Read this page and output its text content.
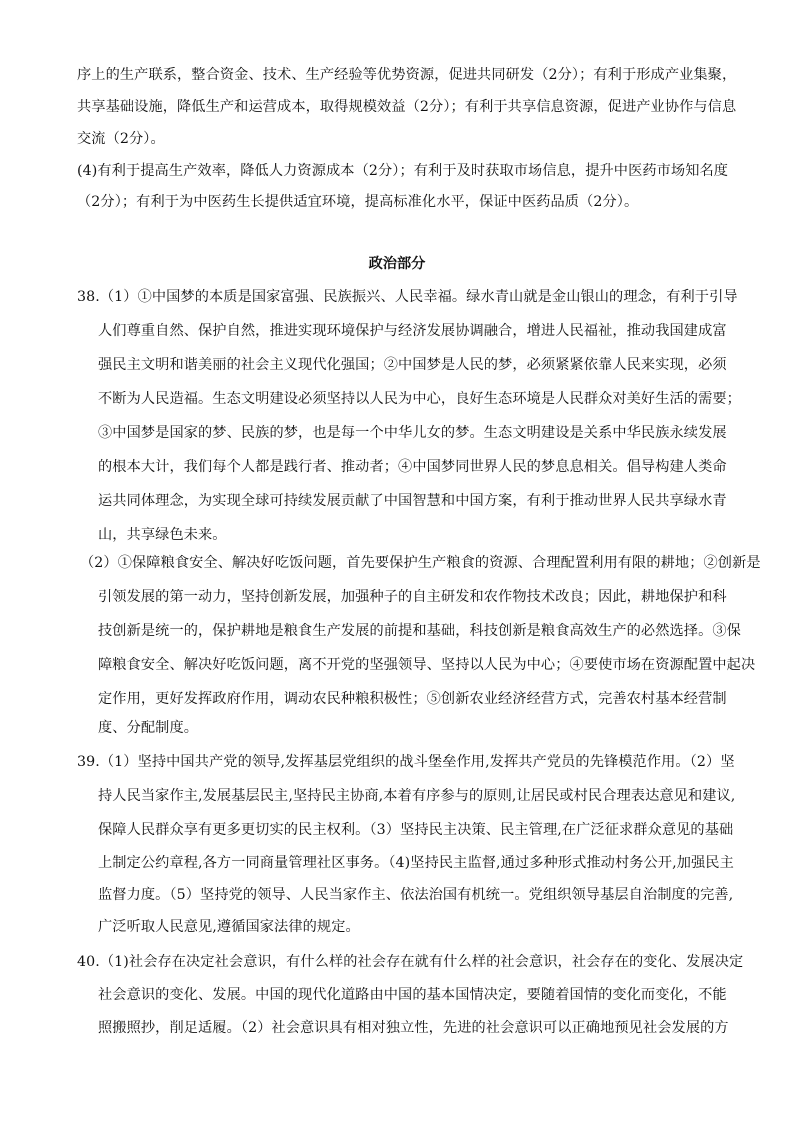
序上的生产联系，整合资金、技术、生产经验等优势资源，促进共同研发（2分）；有利于形成产业集聚，
共享基础设施，降低生产和运营成本，取得规模效益（2分）；有利于共享信息资源，促进产业协作与信息
交流（2分）。
(4)有利于提高生产效率，降低人力资源成本（2分）；有利于及时获取市场信息，提升中医药市场知名度
（2分）；有利于为中医药生长提供适宜环境，提高标准化水平，保证中医药品质（2分）。
政治部分
38.（1）①中国梦的本质是国家富强、民族振兴、人民幸福。绿水青山就是金山银山的理念，有利于引导
人们尊重自然、保护自然，推进实现环境保护与经济发展协调融合，增进人民福祉，推动我国建成富
强民主文明和谐美丽的社会主义现代化强国；②中国梦是人民的梦，必须紧紧依靠人民来实现，必须
不断为人民造福。生态文明建设必须坚持以人民为中心，良好生态环境是人民群众对美好生活的需要；
③中国梦是国家的梦、民族的梦，也是每一个中华儿女的梦。生态文明建设是关系中华民族永续发展
的根本大计，我们每个人都是践行者、推动者；④中国梦同世界人民的梦息息相关。倡导构建人类命
运共同体理念，为实现全球可持续发展贡献了中国智慧和中国方案，有利于推动世界人民共享绿水青
山，共享绿色未来。
（2）①保障粮食安全、解决好吃饭问题，首先要保护生产粮食的资源、合理配置利用有限的耕地；②创新是
引领发展的第一动力，坚持创新发展，加强种子的自主研发和农作物技术改良；因此，耕地保护和科
技创新是统一的，保护耕地是粮食生产发展的前提和基础，科技创新是粮食高效生产的必然选择。③保
障粮食安全、解决好吃饭问题，离不开党的坚强领导、坚持以人民为中心；④要使市场在资源配置中起决
定作用，更好发挥政府作用，调动农民种粮积极性；⑤创新农业经济经营方式，完善农村基本经营制
度、分配制度。
39.（1）坚持中国共产党的领导,发挥基层党组织的战斗堡垒作用,发挥共产党员的先锋模范作用。（2）坚
持人民当家作主,发展基层民主,坚持民主协商,本着有序参与的原则,让居民或村民合理表达意见和建议,
保障人民群众享有更多更切实的民主权利。（3）坚持民主决策、民主管理,在广泛征求群众意见的基础
上制定公约章程,各方一同商量管理社区事务。（4)坚持民主监督,通过多种形式推动村务公开,加强民主
监督力度。（5）坚持党的领导、人民当家作主、依法治国有机统一。党组织领导基层自治制度的完善,
广泛听取人民意见,遵循国家法律的规定。
40.（1)社会存在决定社会意识，有什么样的社会存在就有什么样的社会意识，社会存在的变化、发展决定
社会意识的变化、发展。中国的现代化道路由中国的基本国情决定，要随着国情的变化而变化，不能
照搬照抄，削足适履。（2）社会意识具有相对独立性，先进的社会意识可以正确地预见社会发展的方
